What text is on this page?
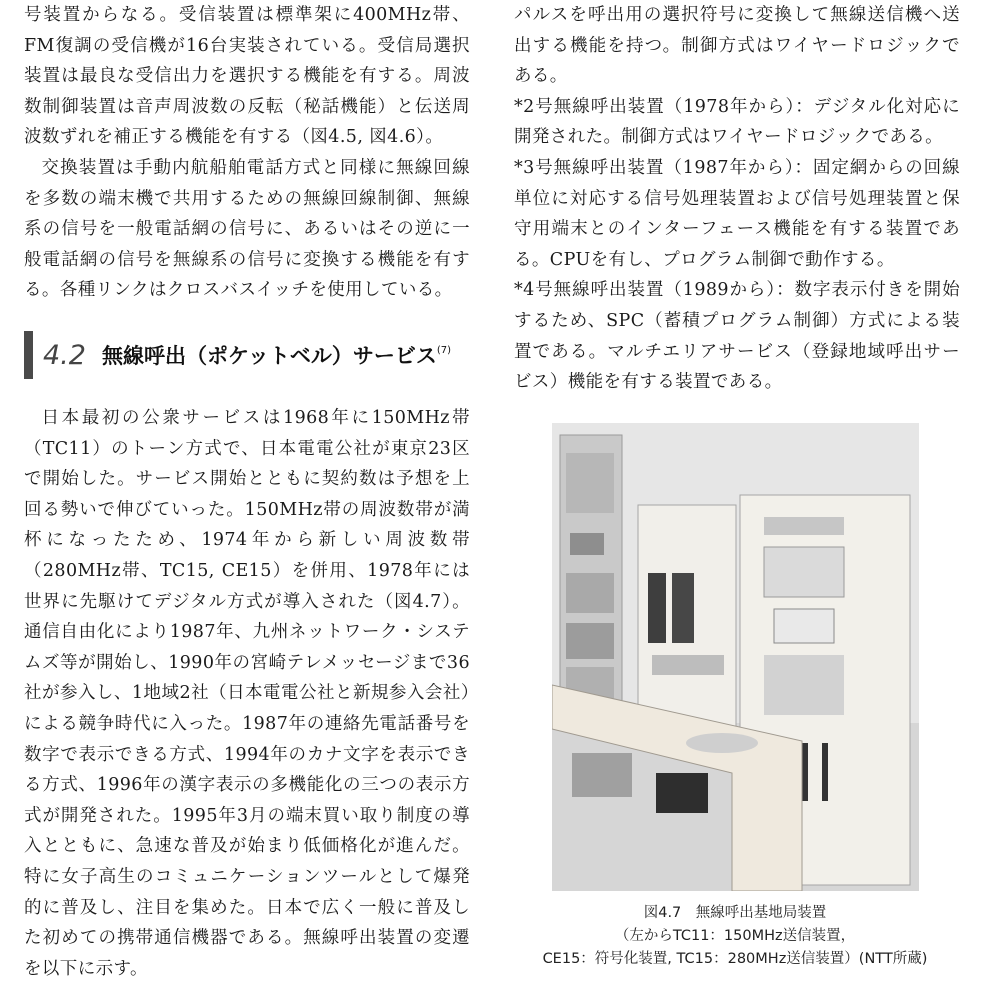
号装置からなる。受信装置は標準架に400MHz帯、FM復調の受信機が16台実装されている。受信局選択装置は最良な受信出力を選択する機能を有する。周波数制御装置は音声周波数の反転（秘話機能）と伝送周波数ずれを補正する機能を有する（図4.5, 図4.6）。

交換装置は手動内航船舶電話方式と同様に無線回線を多数の端末機で共用するための無線回線制御、無線系の信号を一般電話網の信号に、あるいはその逆に一般電話網の信号を無線系の信号に変換する機能を有する。各種リンクはクロスバスイッチを使用している。

4.2 無線呼出（ポケットベル）サービス$^{(7)}$

日本最初の公衆サービスは1968年に150MHz帯（TC11）のトーン方式で、日本電電公社が東京23区で開始した。サービス開始とともに契約数は予想を上回る勢いで伸びていった。150MHz帯の周波数帯が満杯になったため、1974年から新しい周波数帯（280MHz帯、TC15, CE15）を併用、1978年には世界に先駆けてデジタル方式が導入された（図4.7）。通信自由化により1987年、九州ネットワーク・システムズ等が開始し、1990年の宮崎テレメッセージまで36社が参入し、1地域2社（日本電電公社と新規参入会社）による競争時代に入った。1987年の連絡先電話番号を数字で表示できる方式、1994年のカナ文字を表示できる方式、1996年の漢字表示の多機能化の三つの表示方式が開発された。1995年3月の端末買い取り制度の導入とともに、急速な普及が始まり低価格化が進んだ。特に女子高生のコミュニケーションツールとして爆発的に普及し、注目を集めた。日本で広く一般に普及した初めての携帯通信機器である。無線呼出装置の変遷を以下に示す。

パルスを呼出用の選択符号に変換して無線送信機へ送出する機能を持つ。制御方式はワイヤードロジックである。

*2号無線呼出装置（1978年から）：デジタル化対応に開発された。制御方式はワイヤードロジックである。

*3号無線呼出装置（1987年から）：固定網からの回線単位に対応する信号処理装置および信号処理装置と保守用端末とのインターフェース機能を有する装置である。CPUを有し、プログラム制御で動作する。

*4号無線呼出装置（1989から）：数字表示付きを開始するため、SPC（蓄積プログラム制御）方式による装置である。マルチエリアサービス（登録地域呼出サービス）機能を有する装置である。

図4.7　無線呼出基地局装置
（左からTC11：150MHz送信装置，
CE15：符号化装置, TC15：280MHz送信装置）(NTT所蔵)
